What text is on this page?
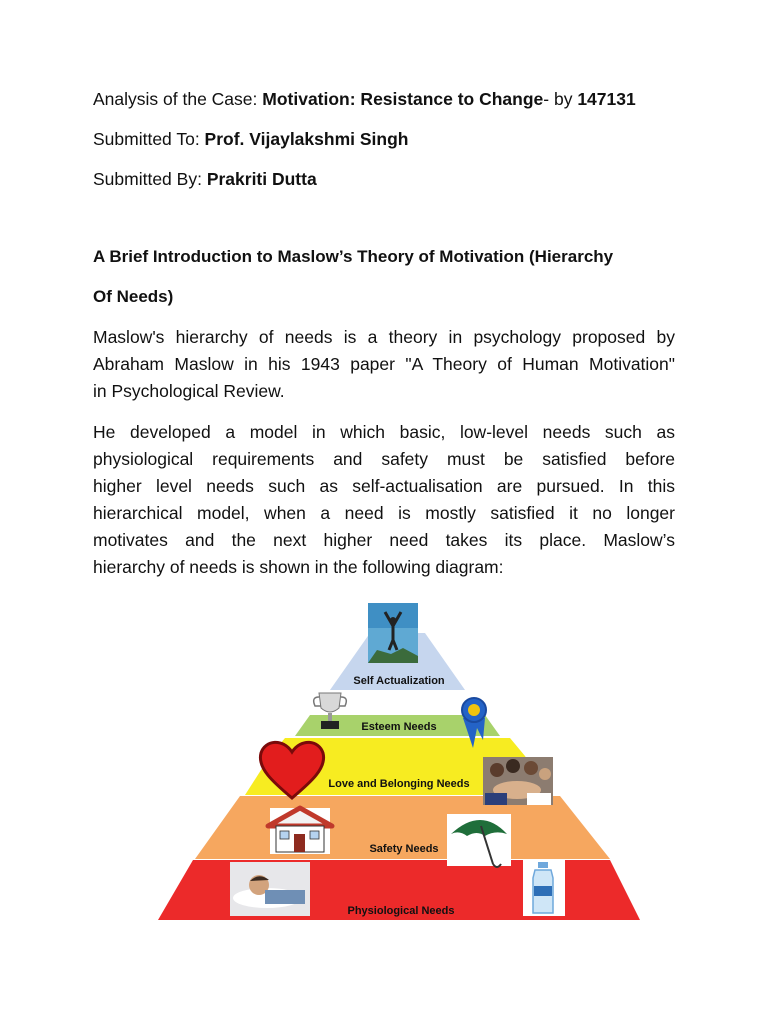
Analysis of the Case: Motivation: Resistance to Change- by 147131
Submitted To: Prof. Vijaylakshmi Singh
Submitted By: Prakriti Dutta
A Brief Introduction to Maslow’s Theory of Motivation (Hierarchy
Of Needs)
Maslow's hierarchy of needs is a theory in psychology proposed by
Abraham Maslow in his 1943 paper "A Theory of Human Motivation"
in Psychological Review.
He developed a model in which basic, low-level needs such as
physiological requirements and safety must be satisfied before
higher level needs such as self-actualisation are pursued. In this
hierarchical model, when a need is mostly satisfied it no longer
motivates and the next higher need takes its place. Maslow’s
hierarchy of needs is shown in the following diagram:
Self Actualization
Esteem Needs
Love and Belonging Needs
Safety Needs
Physiological Needs
